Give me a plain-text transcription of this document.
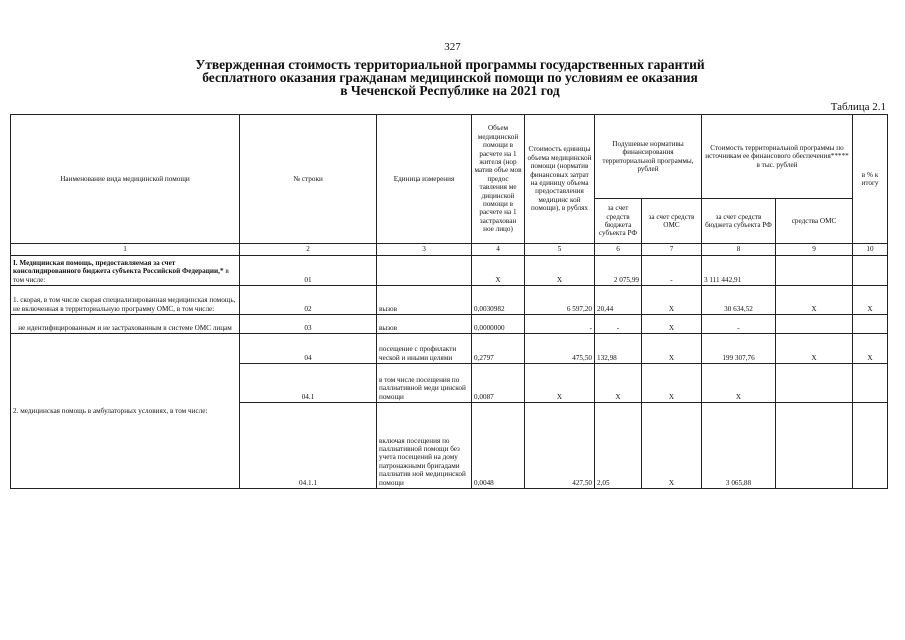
327
Утвержденная стоимость территориальной программы государственных гарантий
бесплатного оказания гражданам медицинской помощи по условиям ее оказания
в Чеченской Республике на 2021 год
Таблица 2.1
Наименование вида медицинской помощи	№ строки	Единица измерения	Объем медицинской помощи в расчете на 1 жителя (нор матив объе мов предос тавления ме дицинской помощи в расчете на 1 застрахован ное лицо)	Стоимость единицы объема медицинской помощи (норматив финансовых затрат на единицу объема предоставления медицинс кой помощи), в рублях	Подушевые нормативы финансирования территориальной программы, рублей		Стоимость территориальной программы по источникам ее финансового обеспечения***** в тыс. рублей		в % к итогу
					за счет средств бюджета субъекта РФ	за счет средств ОМС	за счет средств бюджета субъекта РФ	средства ОМС	
1	2	3	4	5	6	7	8	9	10
I. Медицинская помощь, предоставляемая за счет консолидированного бюджета субъекта Российской Федерации,* в том числе:	01		Х	Х	2 075,99	-	3 111 442,91		
1. скорая, в том числе скорая специализированная медицинская помощь, не включенная в территориальную программу ОМС, в том числе:	02	вызов	0,0030982	6 597,20	20,44	Х	30 634,52	Х	Х
не идентифицированным и не застрахованным в системе ОМС лицам	03	вызов	0,0000000	-	-	Х	-		
2. медицинская помощь в амбулаторных условиях, в том числе:	04	посещение с профилакти ческой и иными целями	0,2797	475,50	132,98	Х	199 307,76	Х	Х
	04.1	в том числе посещения по паллиативной меди цинской помощи	0,0087	Х	Х	Х	Х		
	04.1.1	включая посещения по паллиативной помощи без учета посещений на дому патронажными бригадами паллиатив ной медицинской помощи	0,0048	427,50	2,05	Х	3 065,88		
